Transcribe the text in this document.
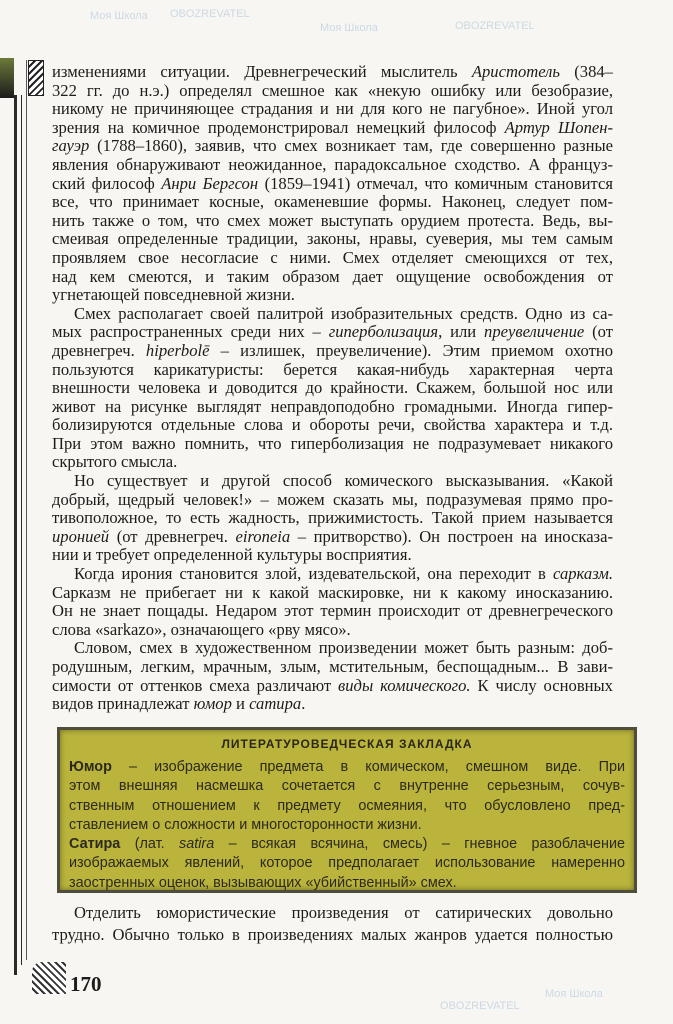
изменениями ситуации. Древнегреческий мыслитель Аристотель (384–
322 гг. до н.э.) определял смешное как «некую ошибку или безобразие,
никому не причиняющее страдания и ни для кого не пагубное». Иной угол
зрения на комичное продемонстрировал немецкий философ Артур Шопен-
гауэр (1788–1860), заявив, что смех возникает там, где совершенно разные
явления обнаруживают неожиданное, парадоксальное сходство. А француз-
ский философ Анри Бергсон (1859–1941) отмечал, что комичным становится
все, что принимает косные, окаменевшие формы. Наконец, следует пом-
нить также о том, что смех может выступать орудием протеста. Ведь, вы-
смеивая определенные традиции, законы, нравы, суеверия, мы тем самым
проявляем свое несогласие с ними. Смех отделяет смеющихся от тех,
над кем смеются, и таким образом дает ощущение освобождения от
угнетающей повседневной жизни.
Смех располагает своей палитрой изобразительных средств. Одно из са-
мых распространенных среди них – гиперболизация, или преувеличение (от
древнегреч. hiperbolē – излишек, преувеличение). Этим приемом охотно
пользуются карикатуристы: берется какая-нибудь характерная черта
внешности человека и доводится до крайности. Скажем, большой нос или
живот на рисунке выглядят неправдоподобно громадными. Иногда гипер-
болизируются отдельные слова и обороты речи, свойства характера и т.д.
При этом важно помнить, что гиперболизация не подразумевает никакого
скрытого смысла.
Но существует и другой способ комического высказывания. «Какой
добрый, щедрый человек!» – можем сказать мы, подразумевая прямо про-
тивоположное, то есть жадность, прижимистость. Такой прием называется
иронией (от древнегреч. eironeia – притворство). Он построен на иносказа-
нии и требует определенной культуры восприятия.
Когда ирония становится злой, издевательской, она переходит в сарказм.
Сарказм не прибегает ни к какой маскировке, ни к какому иносказанию.
Он не знает пощады. Недаром этот термин происходит от древнегреческого
слова «sarkazo», означающего «рву мясо».
Словом, смех в художественном произведении может быть разным: доб-
родушным, легким, мрачным, злым, мстительным, беспощадным... В зави-
симости от оттенков смеха различают виды комического. К числу основных
видов принадлежат юмор и сатира.
ЛИТЕРАТУРОВЕДЧЕСКАЯ ЗАКЛАДКА
Юмор – изображение предмета в комическом, смешном виде. При
этом внешняя насмешка сочетается с внутренне серьезным, сочув-
ственным отношением к предмету осмеяния, что обусловлено пред-
ставлением о сложности и многосторонности жизни.
Сатира (лат. satira – всякая всячина, смесь) – гневное разоблачение
изображаемых явлений, которое предполагает использование намеренно
заостренных оценок, вызывающих «убийственный» смех.
Отделить юмористические произведения от сатирических довольно
трудно. Обычно только в произведениях малых жанров удается полностью
170
Моя Школа OBOZREVATEL
Моя Школа	OBOZREVATEL
Моя Школа
OBOZREVATEL
